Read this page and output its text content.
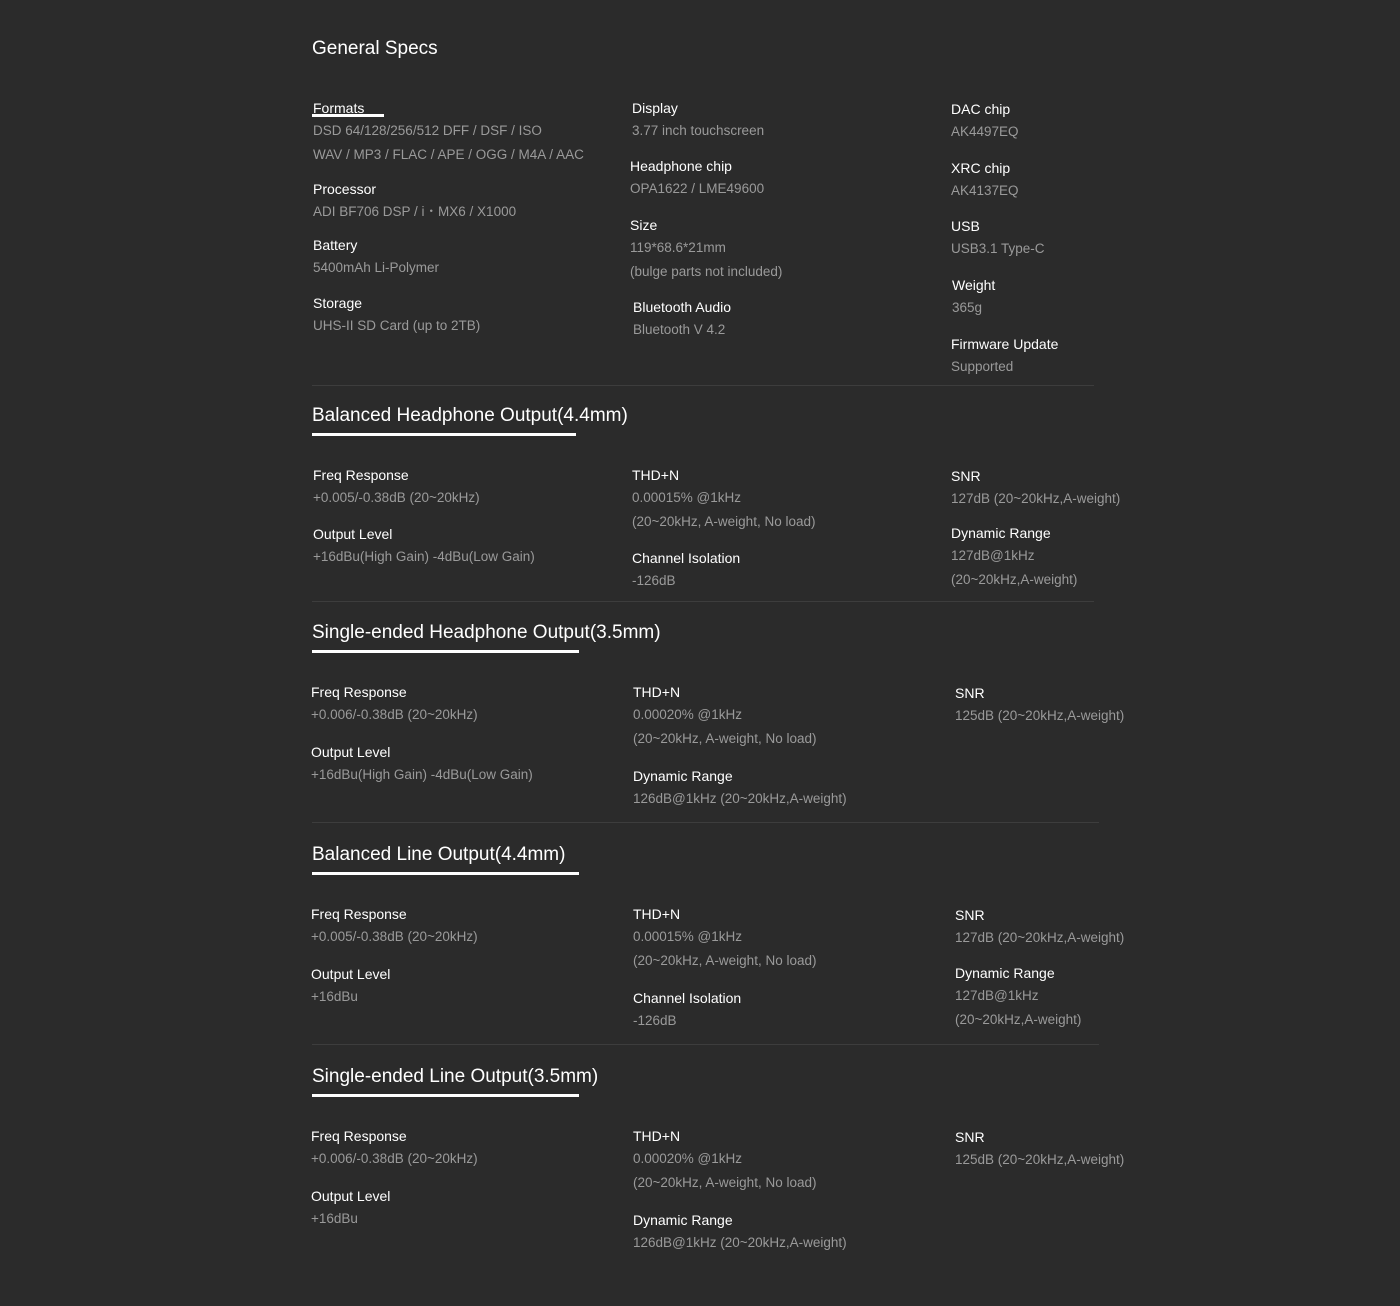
General Specs
Formats
DSD 64/128/256/512 DFF / DSF / ISO
WAV / MP3 / FLAC / APE / OGG / M4A / AAC
Processor
ADI BF706 DSP / i・MX6 / X1000
Battery
5400mAh Li-Polymer
Storage
UHS-II SD Card (up to 2TB)
Display
3.77 inch touchscreen
Headphone chip
OPA1622 / LME49600
Size
119*68.6*21mm
(bulge parts not included)
Bluetooth Audio
Bluetooth V 4.2
DAC chip
AK4497EQ
XRC chip
AK4137EQ
USB
USB3.1 Type-C
Weight
365g
Firmware Update
Supported
Balanced Headphone Output(4.4mm)
Freq Response
+0.005/-0.38dB (20~20kHz)
Output Level
+16dBu(High Gain) -4dBu(Low Gain)
THD+N
0.00015% @1kHz
(20~20kHz, A-weight, No load)
Channel Isolation
-126dB
SNR
127dB (20~20kHz,A-weight)
Dynamic Range
127dB@1kHz
(20~20kHz,A-weight)
Single-ended Headphone Output(3.5mm)
Freq Response
+0.006/-0.38dB (20~20kHz)
Output Level
+16dBu(High Gain) -4dBu(Low Gain)
THD+N
0.00020% @1kHz
(20~20kHz, A-weight, No load)
Dynamic Range
126dB@1kHz (20~20kHz,A-weight)
SNR
125dB (20~20kHz,A-weight)
Balanced Line Output(4.4mm)
Freq Response
+0.005/-0.38dB (20~20kHz)
Output Level
+16dBu
THD+N
0.00015% @1kHz
(20~20kHz, A-weight, No load)
Channel Isolation
-126dB
SNR
127dB (20~20kHz,A-weight)
Dynamic Range
127dB@1kHz
(20~20kHz,A-weight)
Single-ended Line Output(3.5mm)
Freq Response
+0.006/-0.38dB (20~20kHz)
Output Level
+16dBu
THD+N
0.00020% @1kHz
(20~20kHz, A-weight, No load)
Dynamic Range
126dB@1kHz (20~20kHz,A-weight)
SNR
125dB (20~20kHz,A-weight)
